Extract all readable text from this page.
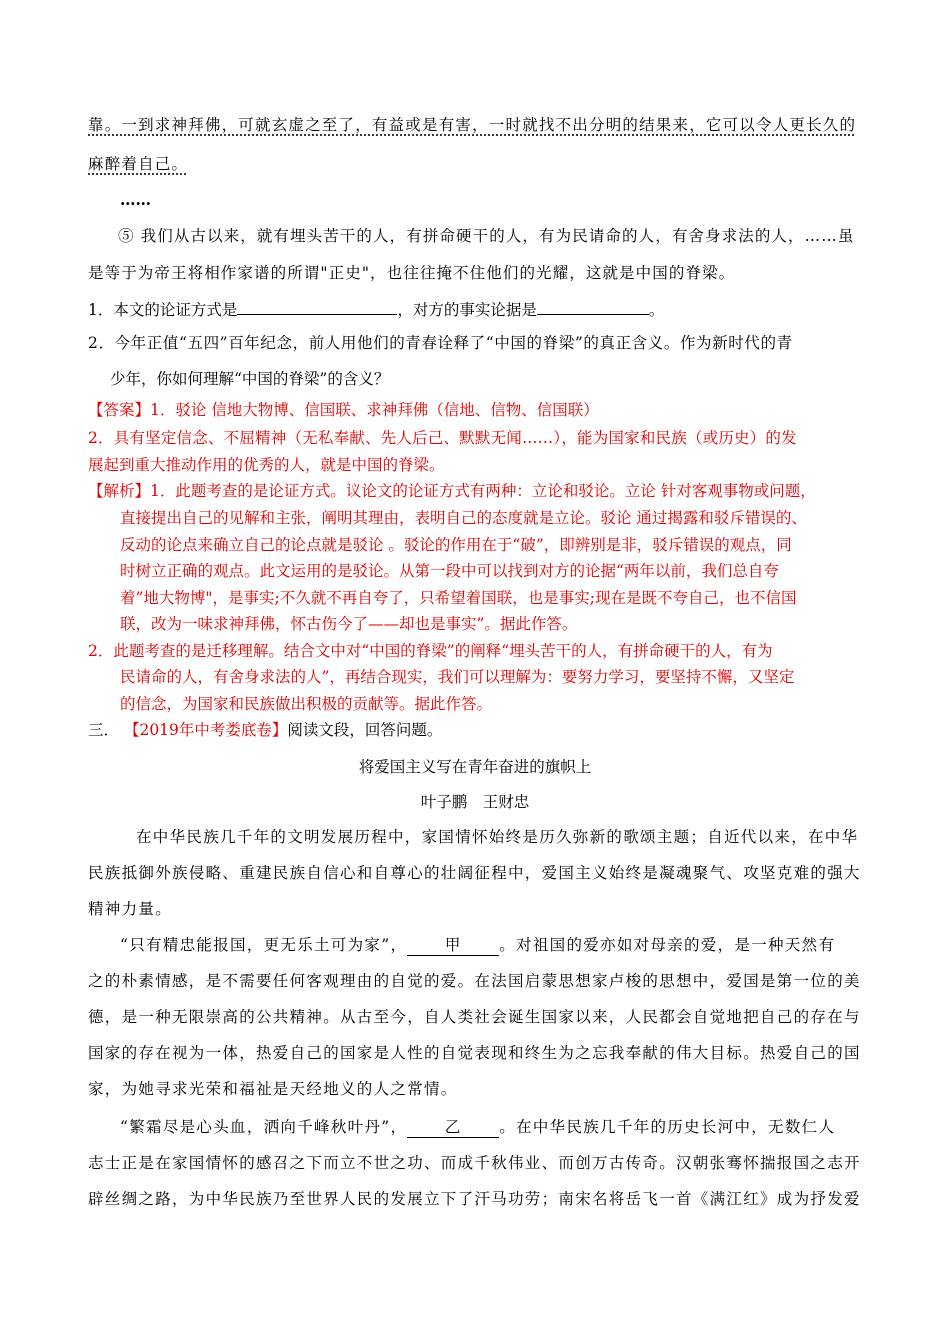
靠。一到求神拜佛，可就玄虚之至了，有益或是有害，一时就找不出分明的结果来，它可以令人更长久的
麻醉着自己。
……
⑤ 我们从古以来，就有埋头苦干的人，有拼命硬干的人，有为民请命的人，有舍身求法的人，……虽
是等于为帝王将相作家谱的所谓"正史"，也往往掩不住他们的光耀，这就是中国的脊梁。
1．本文的论证方式是	，对方的事实论据是	。
2．今年正值“五四”百年纪念，前人用他们的青春诠释了“中国的脊梁”的真正含义。作为新时代的青
少年，你如何理解“中国的脊梁”的含义？
【答案】1．驳论 信地大物博、信国联、求神拜佛（信地、信物、信国联）
2．具有坚定信念、不屈精神（无私奉献、先人后己、默默无闻……），能为国家和民族（或历史）的发
展起到重大推动作用的优秀的人，就是中国的脊梁。
【解析】1．此题考查的是论证方式。议论文的论证方式有两种：立论和驳论。立论 针对客观事物或问题，
直接提出自己的见解和主张，阐明其理由，表明自己的态度就是立论。驳论 通过揭露和驳斥错误的、
反动的论点来确立自己的论点就是驳论 。驳论的作用在于“破”，即辨别是非，驳斥错误的观点，同
时树立正确的观点。此文运用的是驳论。从第一段中可以找到对方的论据“两年以前，我们总自夸
着”地大物博"，是事实;不久就不再自夸了，只希望着国联，也是事实;现在是既不夸自己，也不信国
联，改为一味求神拜佛，怀古伤今了——却也是事实”。据此作答。
2．此题考查的是迁移理解。结合文中对“中国的脊梁”的阐释“埋头苦干的人，有拼命硬干的人，有为
民请命的人，有舍身求法的人”，再结合现实，我们可以理解为：要努力学习，要坚持不懈，又坚定
的信念，为国家和民族做出积极的贡献等。据此作答。
三． 【2019年中考娄底卷】阅读文段，回答问题。
将爱国主义写在青年奋进的旗帜上
叶子鹏　王财忠
在中华民族几千年的文明发展历程中，家国情怀始终是历久弥新的歌颂主题；自近代以来，在中华
民族抵御外族侵略、重建民族自信心和自尊心的壮阔征程中，爱国主义始终是凝魂聚气、攻坚克难的强大
精神力量。
“只有精忠能报国，更无乐土可为家”， 甲 。对祖国的爱亦如对母亲的爱，是一种天然有
之的朴素情感，是不需要任何客观理由的自觉的爱。在法国启蒙思想家卢梭的思想中，爱国是第一位的美
德，是一种无限崇高的公共精神。从古至今，自人类社会诞生国家以来，人民都会自觉地把自己的存在与
国家的存在视为一体，热爱自己的国家是人性的自觉表现和终生为之忘我奉献的伟大目标。热爱自己的国
家，为她寻求光荣和福祉是天经地义的人之常情。
“繁霜尽是心头血，洒向千峰秋叶丹”， 乙 。在中华民族几千年的历史长河中，无数仁人
志士正是在家国情怀的感召之下而立不世之功、而成千秋伟业、而创万古传奇。汉朝张骞怀揣报国之志开
辟丝绸之路，为中华民族乃至世界人民的发展立下了汗马功劳；南宋名将岳飞一首《满江红》成为抒发爱
